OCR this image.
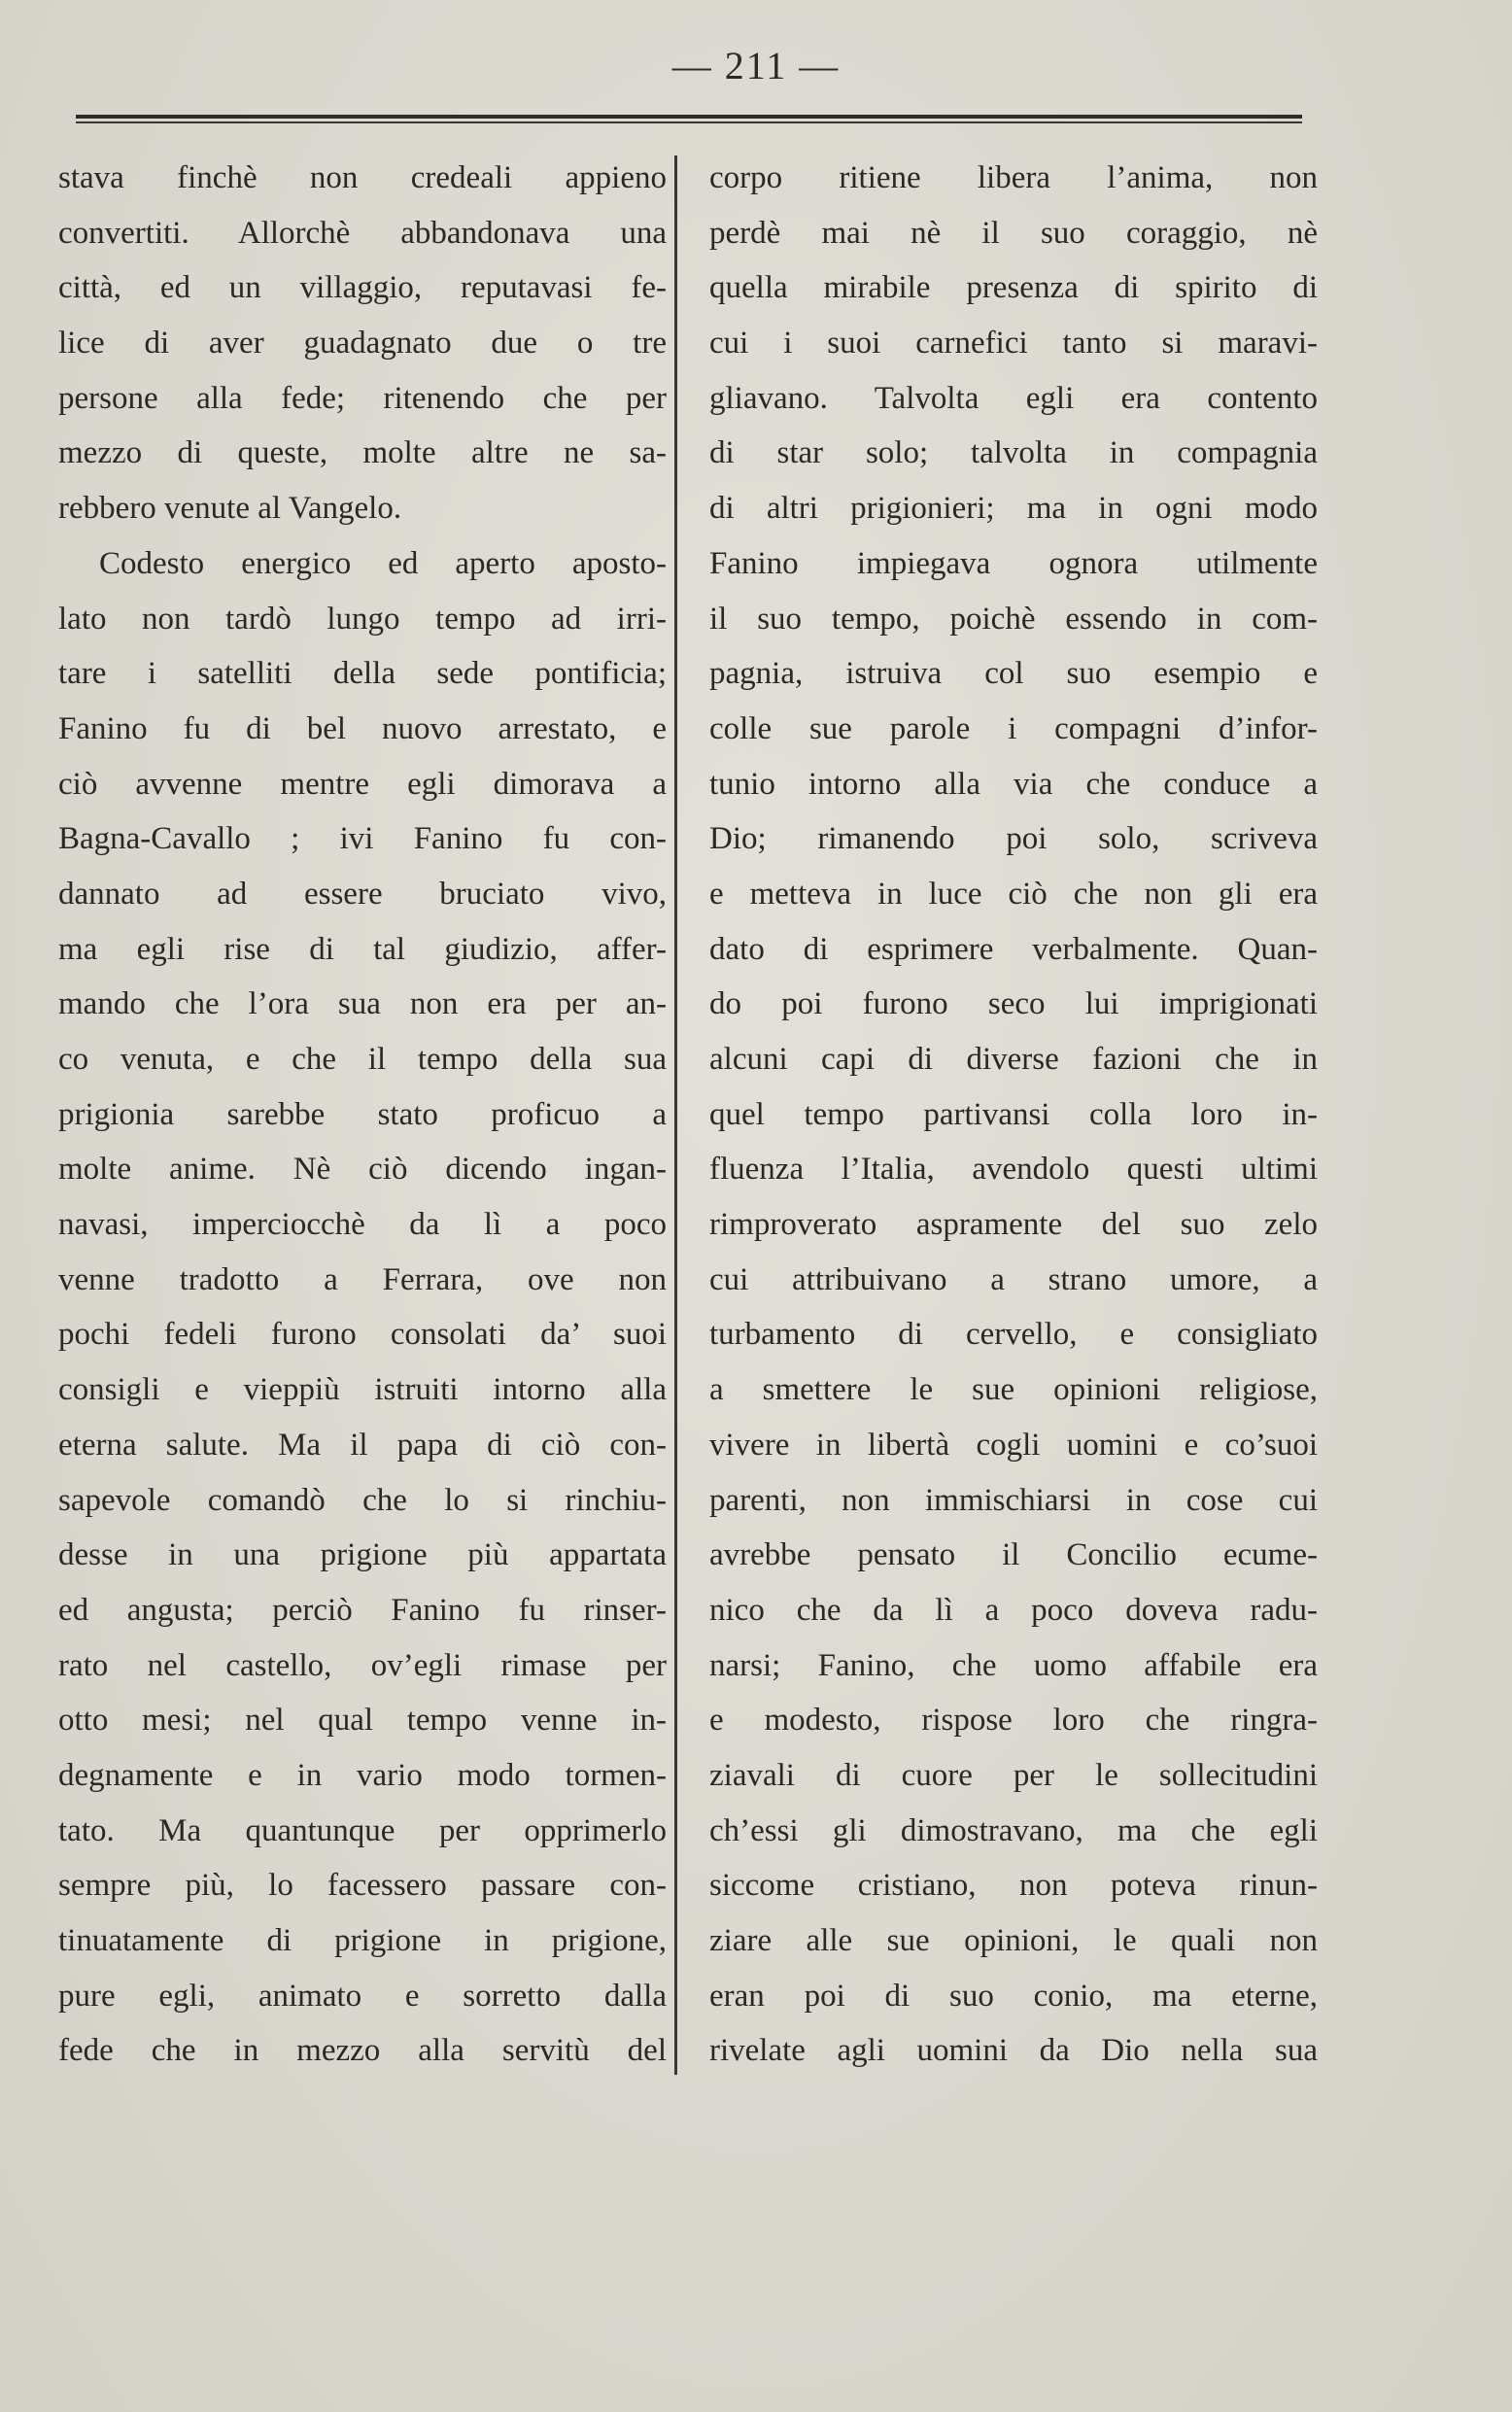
— 211 —
stava finchè non credeali appieno
convertiti. Allorchè abbandonava una
città, ed un villaggio, reputavasi fe-
lice di aver guadagnato due o tre
persone alla fede; ritenendo che per
mezzo di queste, molte altre ne sa-
rebbero venute al Vangelo.
Codesto energico ed aperto aposto-
lato non tardò lungo tempo ad irri-
tare i satelliti della sede pontificia;
Fanino fu di bel nuovo arrestato, e
ciò avvenne mentre egli dimorava a
Bagna-Cavallo ; ivi Fanino fu con-
dannato ad essere bruciato vivo,
ma egli rise di tal giudizio, affer-
mando che l’ora sua non era per an-
co venuta, e che il tempo della sua
prigionia sarebbe stato proficuo a
molte anime. Nè ciò dicendo ingan-
navasi, imperciocchè da lì a poco
venne tradotto a Ferrara, ove non
pochi fedeli furono consolati da’ suoi
consigli e vieppiù istruiti intorno alla
eterna salute. Ma il papa di ciò con-
sapevole comandò che lo si rinchiu-
desse in una prigione più appartata
ed angusta; perciò Fanino fu rinser-
rato nel castello, ov’egli rimase per
otto mesi; nel qual tempo venne in-
degnamente e in vario modo tormen-
tato. Ma quantunque per opprimerlo
sempre più, lo facessero passare con-
tinuatamente di prigione in prigione,
pure egli, animato e sorretto dalla
fede che in mezzo alla servitù del
corpo ritiene libera l’anima, non
perdè mai nè il suo coraggio, nè
quella mirabile presenza di spirito di
cui i suoi carnefici tanto si maravi-
gliavano. Talvolta egli era contento
di star solo; talvolta in compagnia
di altri prigionieri; ma in ogni modo
Fanino impiegava ognora utilmente
il suo tempo, poichè essendo in com-
pagnia, istruiva col suo esempio e
colle sue parole i compagni d’infor-
tunio intorno alla via che conduce a
Dio; rimanendo poi solo, scriveva
e metteva in luce ciò che non gli era
dato di esprimere verbalmente. Quan-
do poi furono seco lui imprigionati
alcuni capi di diverse fazioni che in
quel tempo partivansi colla loro in-
fluenza l’Italia, avendolo questi ultimi
rimproverato aspramente del suo zelo
cui attribuivano a strano umore, a
turbamento di cervello, e consigliato
a smettere le sue opinioni religiose,
vivere in libertà cogli uomini e co’suoi
parenti, non immischiarsi in cose cui
avrebbe pensato il Concilio ecume-
nico che da lì a poco doveva radu-
narsi; Fanino, che uomo affabile era
e modesto, rispose loro che ringra-
ziavali di cuore per le sollecitudini
ch’essi gli dimostravano, ma che egli
siccome cristiano, non poteva rinun-
ziare alle sue opinioni, le quali non
eran poi di suo conio, ma eterne,
rivelate agli uomini da Dio nella sua
